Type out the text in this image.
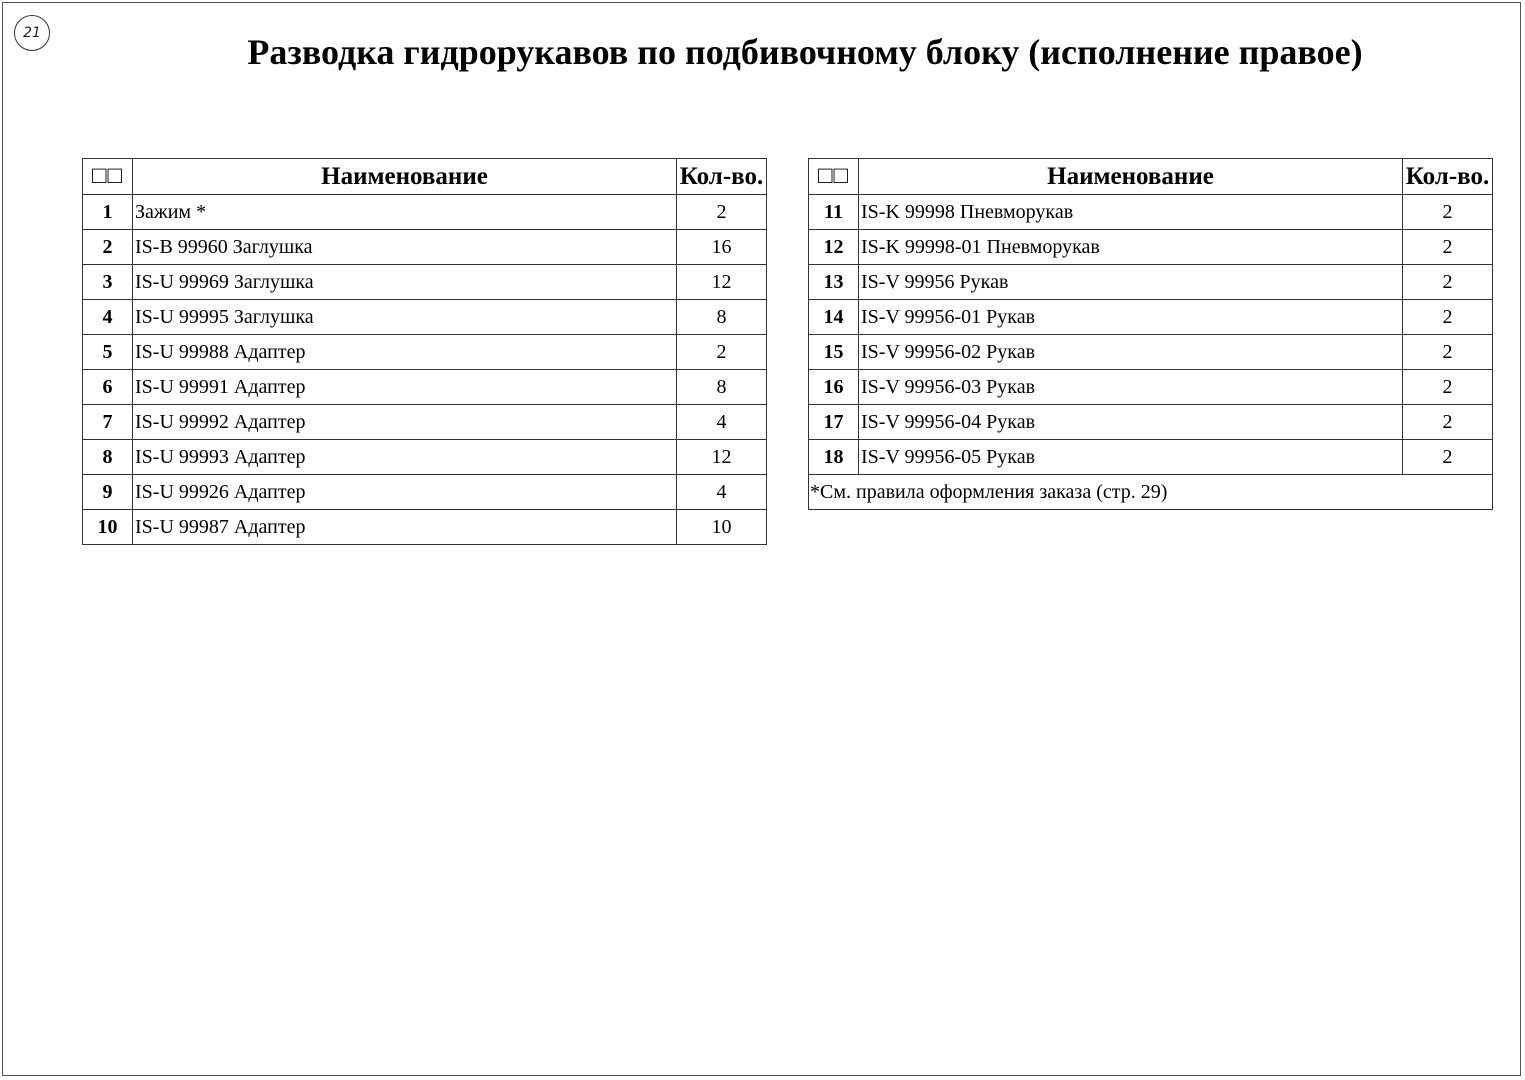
21	Разводка гидрорукавов по подбивочному блоку (исполнение правое)
□□	Наименование	Кол-во.
1	Зажим *	2
2	IS-B 99960 Заглушка	16
3	IS-U 99969 Заглушка	12
4	IS-U 99995 Заглушка	8
5	IS-U 99988 Адаптер	2
6	IS-U 99991 Адаптер	8
7	IS-U 99992 Адаптер	4
8	IS-U 99993 Адаптер	12
9	IS-U 99926 Адаптер	4
10	IS-U 99987 Адаптер	10
□□	Наименование	Кол-во.
11	IS-K 99998 Пневморукав	2
12	IS-K 99998-01 Пневморукав	2
13	IS-V 99956 Рукав	2
14	IS-V 99956-01 Рукав	2
15	IS-V 99956-02 Рукав	2
16	IS-V 99956-03 Рукав	2
17	IS-V 99956-04 Рукав	2
18	IS-V 99956-05 Рукав	2
*См. правила оформления заказа (стр. 29)		
